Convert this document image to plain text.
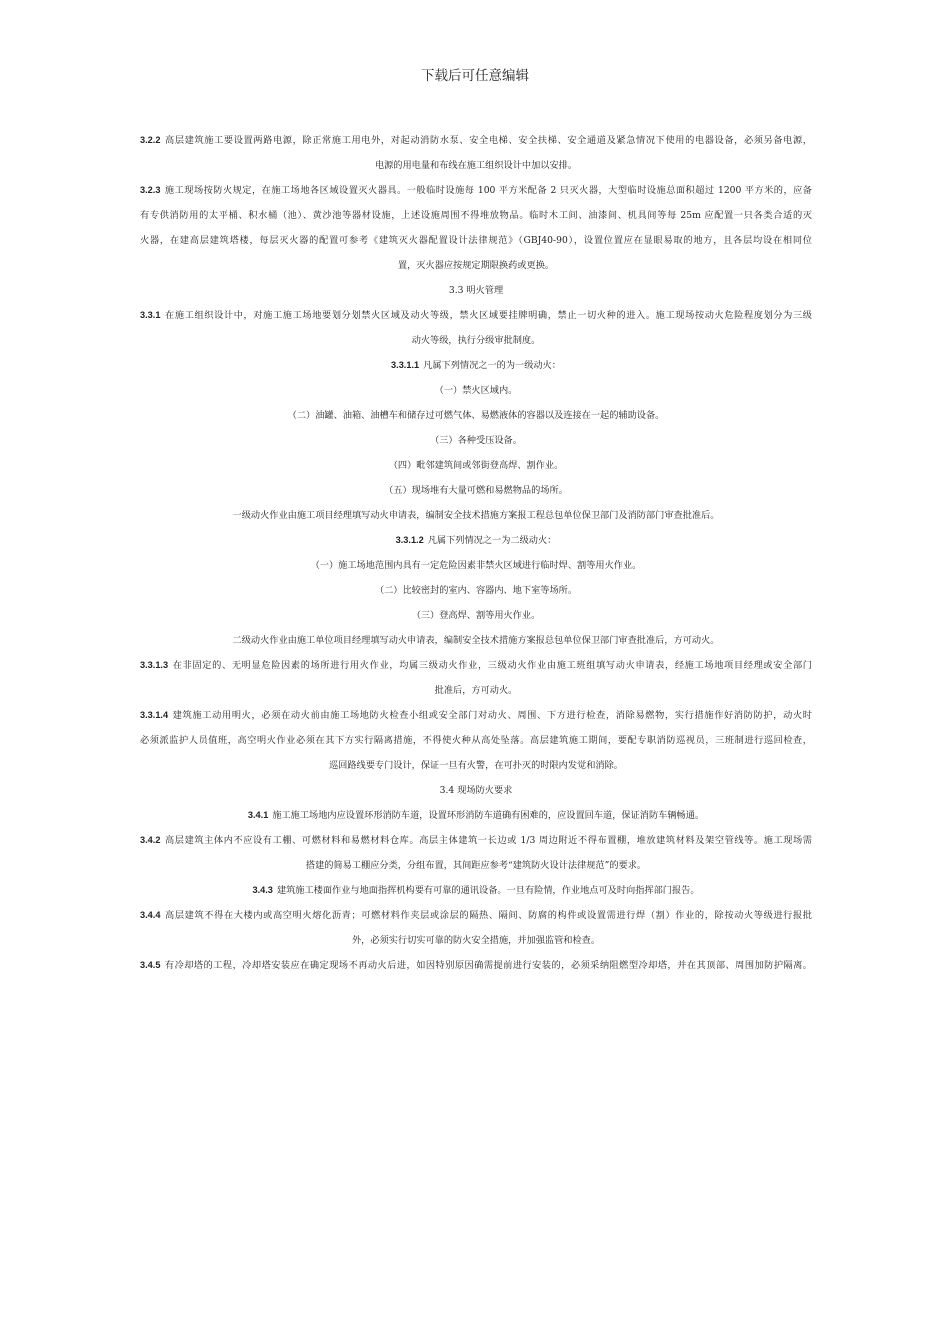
下载后可任意编辑
3.2.2 高层建筑施工要设置两路电源，除正常施工用电外，对起动消防水泵、安全电梯、安全扶梯、安全通道及紧急情况下使用的电器设备，必须另备电源，
电源的用电量和布线在施工组织设计中加以安排。
3.2.3 施工现场按防火规定，在施工场地各区域设置灭火器具。一般临时设施每 100 平方米配备 2 只灭火器，大型临时设施总面积超过 1200 平方米的，应备
有专供消防用的太平桶、积水桶（池）、黄沙池等器材设施，上述设施周围不得堆放物品。临时木工间、油漆间、机具间等每 25m 应配置一只各类合适的灭
火器，在建高层建筑塔楼，每层灭火器的配置可参考《建筑灭火器配置设计法律规范》（GBJ40-90），设置位置应在显眼易取的地方，且各层均设在相同位
置，灭火器应按规定期限换药或更换。
3.3 明火管理
3.3.1 在施工组织设计中，对施工施工场地要划分划禁火区域及动火等级，禁火区域要挂牌明确，禁止一切火种的进入。施工现场按动火危险程度划分为三级
动火等级，执行分级审批制度。
3.3.1.1 凡属下列情况之一的为一级动火：
（一）禁火区域内。
（二）油罐、油箱、油槽车和储存过可燃气体、易燃液体的容器以及连接在一起的辅助设备。
（三）各种受压设备。
（四）毗邻建筑间或邻街登高焊、割作业。
（五）现场堆有大量可燃和易燃物品的场所。
一级动火作业由施工项目经理填写动火申请表，编制安全技术措施方案报工程总包单位保卫部门及消防部门审查批准后。
3.3.1.2 凡属下列情况之一为二级动火：
（一）施工场地范围内具有一定危险因素非禁火区域进行临时焊、割等用火作业。
（二）比较密封的室内、容器内、地下室等场所。
（三）登高焊、割等用火作业。
二级动火作业由施工单位项目经理填写动火申请表，编制安全技术措施方案报总包单位保卫部门审查批准后，方可动火。
3.3.1.3 在非固定的、无明显危险因素的场所进行用火作业，均属三级动火作业，三级动火作业由施工班组填写动火申请表，经施工场地项目经理或安全部门
批准后，方可动火。
3.3.1.4 建筑施工动用明火，必须在动火前由施工场地防火检查小组或安全部门对动火、周围、下方进行检查，消除易燃物，实行措施作好消防防护，动火时
必须派监护人员值班，高空明火作业必须在其下方实行隔离措施，不得使火种从高处坠落。高层建筑施工期间，要配专职消防巡视员，三班制进行巡回检查，
巡回路线要专门设计，保证一旦有火警，在可扑灭的时限内发觉和消除。
3.4 现场防火要求
3.4.1 施工施工场地内应设置环形消防车道，设置环形消防车道确有困难的，应设置回车道，保证消防车辆畅通。
3.4.2 高层建筑主体内不应设有工棚、可燃材料和易燃材料仓库。高层主体建筑一长边或 1/3 周边附近不得布置棚，堆放建筑材料及架空管线等。施工现场需
搭建的简易工棚应分类，分组布置，其间距应参考“建筑防火设计法律规范”的要求。
3.4.3 建筑施工楼面作业与地面指挥机构要有可靠的通讯设备。一旦有险情，作业地点可及时向指挥部门报告。
3.4.4 高层建筑不得在大楼内或高空明火熔化沥青；可燃材料作夹层或涂层的隔热、隔间、防腐的构件或设置需进行焊（割）作业的，除按动火等级进行报批
外，必须实行切实可靠的防火安全措施，并加强监管和检查。
3.4.5 有冷却塔的工程，冷却塔安装应在确定现场不再动火后进，如因特别原因确需提前进行安装的，必须采纳阻燃型冷却塔，并在其顶部、周围加防护隔离。
